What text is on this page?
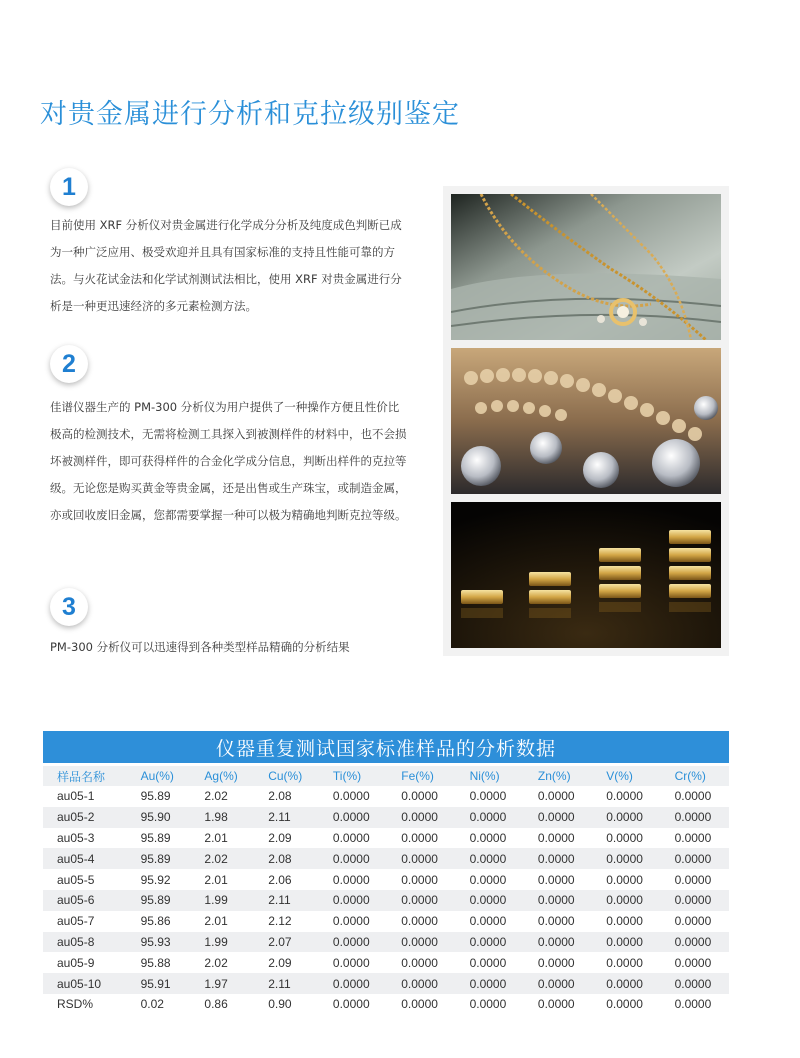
对贵金属进行分析和克拉级别鉴定
1

目前使用 XRF 分析仪对贵金属进行化学成分分析及纯度成色判断已成为一种广泛应用、极受欢迎并且具有国家标准的支持且性能可靠的方法。与火花试金法和化学试剂测试法相比，使用 XRF 对贵金属进行分析是一种更迅速经济的多元素检测方法。

2

佳谱仪器生产的 PM-300 分析仪为用户提供了一种操作方便且性价比极高的检测技术，无需将检测工具探入到被测样件的材料中，也不会损坏被测样件，即可获得样件的合金化学成分信息，判断出样件的克拉等级。无论您是购买黄金等贵金属，还是出售或生产珠宝，或制造金属，亦或回收废旧金属，您都需要掌握一种可以极为精确地判断克拉等级。

3

PM-300 分析仪可以迅速得到各种类型样品精确的分析结果

仪器重复测试国家标准样品的分析数据
样品名称	Au(%)	Ag(%)	Cu(%)	Ti(%)	Fe(%)	Ni(%)	Zn(%)	V(%)	Cr(%)
au05-1	95.89	2.02	2.08	0.0000	0.0000	0.0000	0.0000	0.0000	0.0000
au05-2	95.90	1.98	2.11	0.0000	0.0000	0.0000	0.0000	0.0000	0.0000
au05-3	95.89	2.01	2.09	0.0000	0.0000	0.0000	0.0000	0.0000	0.0000
au05-4	95.89	2.02	2.08	0.0000	0.0000	0.0000	0.0000	0.0000	0.0000
au05-5	95.92	2.01	2.06	0.0000	0.0000	0.0000	0.0000	0.0000	0.0000
au05-6	95.89	1.99	2.11	0.0000	0.0000	0.0000	0.0000	0.0000	0.0000
au05-7	95.86	2.01	2.12	0.0000	0.0000	0.0000	0.0000	0.0000	0.0000
au05-8	95.93	1.99	2.07	0.0000	0.0000	0.0000	0.0000	0.0000	0.0000
au05-9	95.88	2.02	2.09	0.0000	0.0000	0.0000	0.0000	0.0000	0.0000
au05-10	95.91	1.97	2.11	0.0000	0.0000	0.0000	0.0000	0.0000	0.0000
RSD%	0.02	0.86	0.90	0.0000	0.0000	0.0000	0.0000	0.0000	0.0000
